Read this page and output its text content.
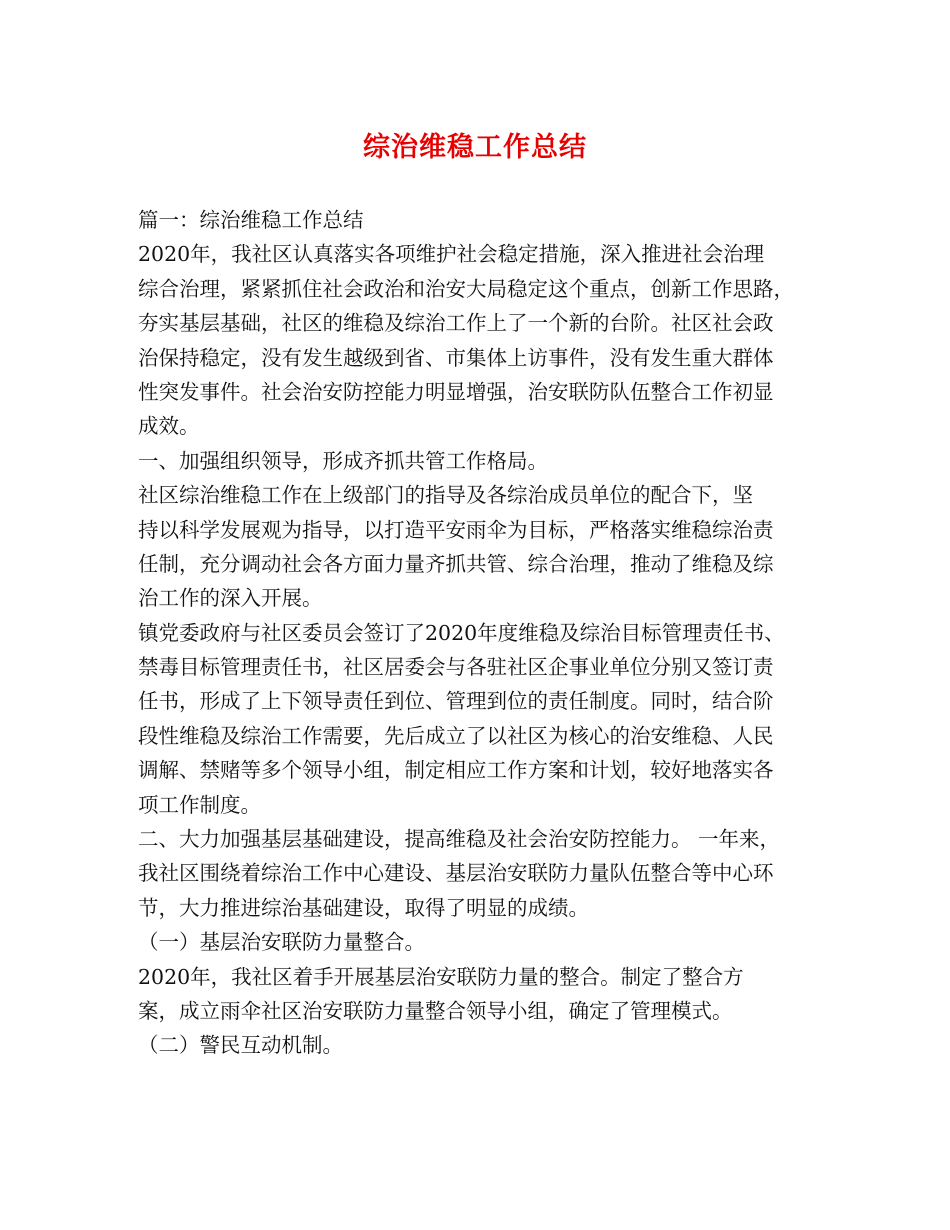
综治维稳工作总结
篇一：综治维稳工作总结
2020年，我社区认真落实各项维护社会稳定措施，深入推进社会治理
综合治理，紧紧抓住社会政治和治安大局稳定这个重点，创新工作思路，
夯实基层基础，社区的维稳及综治工作上了一个新的台阶。社区社会政
治保持稳定，没有发生越级到省、市集体上访事件，没有发生重大群体
性突发事件。社会治安防控能力明显增强，治安联防队伍整合工作初显
成效。
一、加强组织领导，形成齐抓共管工作格局。
社区综治维稳工作在上级部门的指导及各综治成员单位的配合下，坚
持以科学发展观为指导，以打造平安雨伞为目标，严格落实维稳综治责
任制，充分调动社会各方面力量齐抓共管、综合治理，推动了维稳及综
治工作的深入开展。
镇党委政府与社区委员会签订了2020年度维稳及综治目标管理责任书、
禁毒目标管理责任书，社区居委会与各驻社区企事业单位分别又签订责
任书，形成了上下领导责任到位、管理到位的责任制度。同时，结合阶
段性维稳及综治工作需要，先后成立了以社区为核心的治安维稳、人民
调解、禁赌等多个领导小组，制定相应工作方案和计划，较好地落实各
项工作制度。
二、大力加强基层基础建设，提高维稳及社会治安防控能力。 一年来，
我社区围绕着综治工作中心建设、基层治安联防力量队伍整合等中心环
节，大力推进综治基础建设，取得了明显的成绩。
（一）基层治安联防力量整合。
2020年，我社区着手开展基层治安联防力量的整合。制定了整合方
案，成立雨伞社区治安联防力量整合领导小组，确定了管理模式。
（二）警民互动机制。
